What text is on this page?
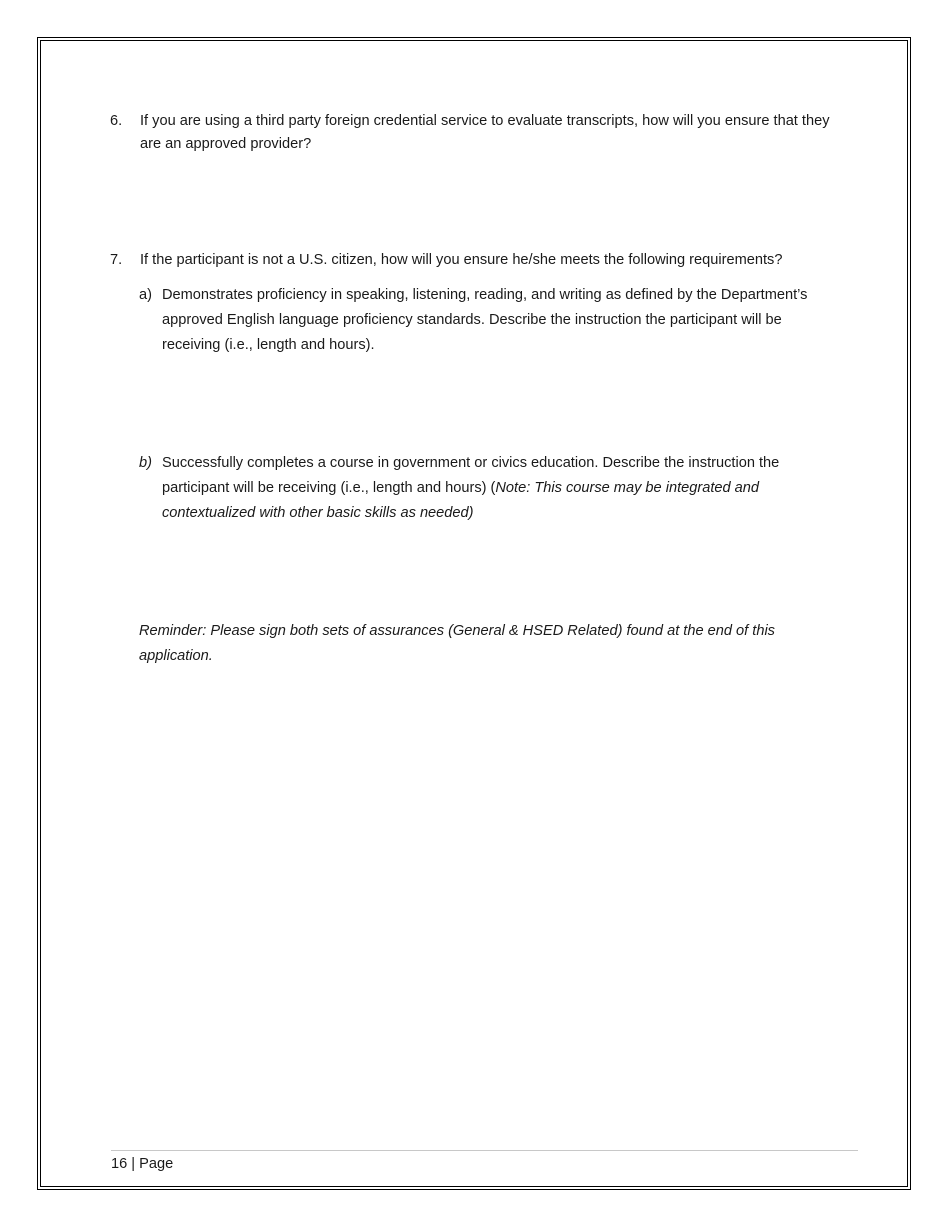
6.	If you are using a third party foreign credential service to evaluate transcripts, how will you ensure that they are an approved provider?
7.	If the participant is not a U.S. citizen, how will you ensure he/she meets the following requirements?
a) Demonstrates proficiency in speaking, listening, reading, and writing as defined by the Department’s approved English language proficiency standards. Describe the instruction the participant will be receiving (i.e., length and hours).
b) Successfully completes a course in government or civics education. Describe the instruction the participant will be receiving (i.e., length and hours) (Note: This course may be integrated and contextualized with other basic skills as needed)
Reminder: Please sign both sets of assurances (General & HSED Related) found at the end of this application.
16 | Page
